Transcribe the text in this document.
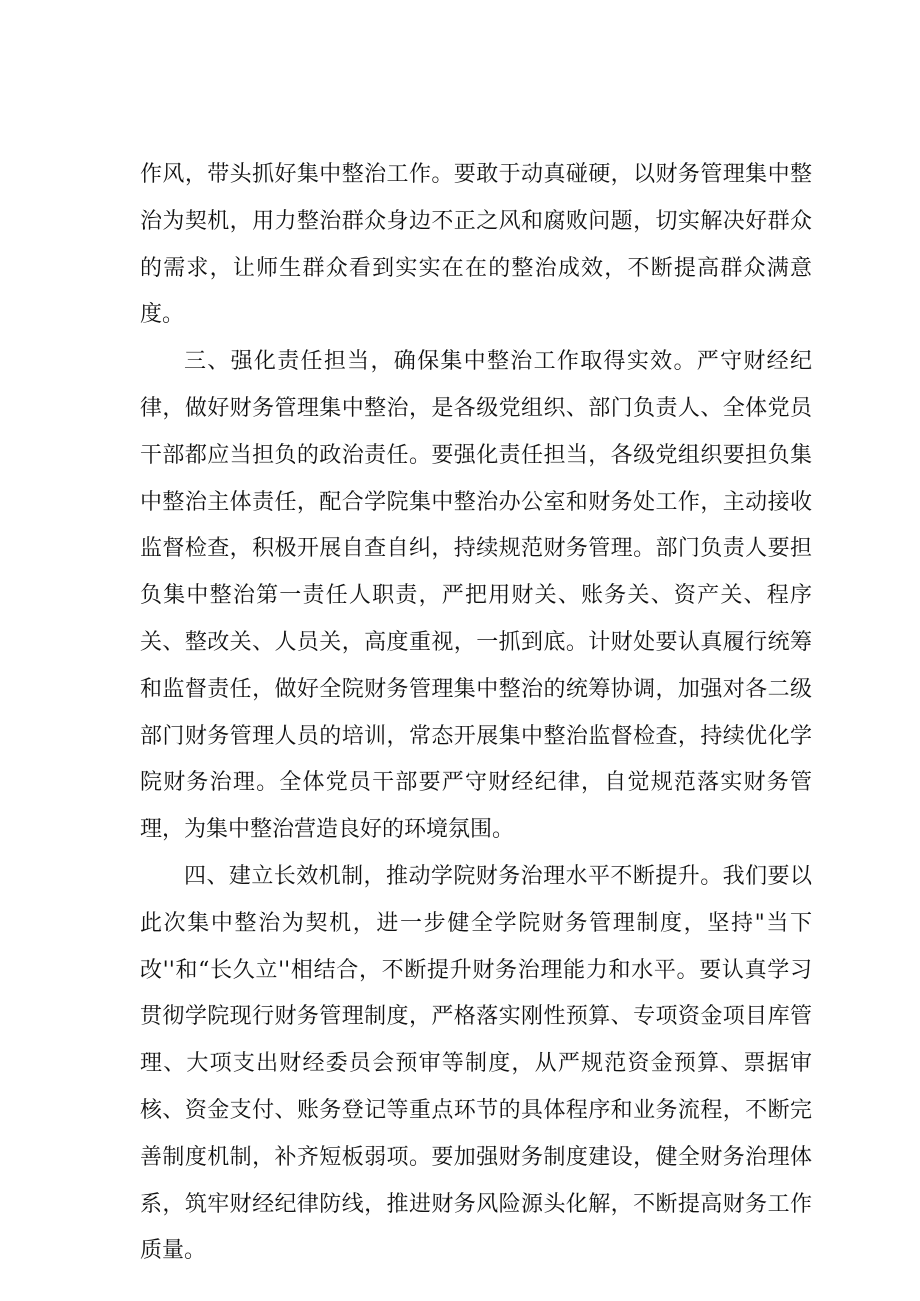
作风，带头抓好集中整治工作。要敢于动真碰硬，以财务管理集中整治为契机，用力整治群众身边不正之风和腐败问题，切实解决好群众的需求，让师生群众看到实实在在的整治成效，不断提高群众满意度。

三、强化责任担当，确保集中整治工作取得实效。严守财经纪律，做好财务管理集中整治，是各级党组织、部门负责人、全体党员干部都应当担负的政治责任。要强化责任担当，各级党组织要担负集中整治主体责任，配合学院集中整治办公室和财务处工作，主动接收监督检查，积极开展自查自纠，持续规范财务管理。部门负责人要担负集中整治第一责任人职责，严把用财关、账务关、资产关、程序关、整改关、人员关，高度重视，一抓到底。计财处要认真履行统筹和监督责任，做好全院财务管理集中整治的统筹协调，加强对各二级部门财务管理人员的培训，常态开展集中整治监督检查，持续优化学院财务治理。全体党员干部要严守财经纪律，自觉规范落实财务管理，为集中整治营造良好的环境氛围。

四、建立长效机制，推动学院财务治理水平不断提升。我们要以此次集中整治为契机，进一步健全学院财务管理制度，坚持"当下改''和“长久立''相结合，不断提升财务治理能力和水平。要认真学习贯彻学院现行财务管理制度，严格落实刚性预算、专项资金项目库管理、大项支出财经委员会预审等制度，从严规范资金预算、票据审核、资金支付、账务登记等重点环节的具体程序和业务流程，不断完善制度机制，补齐短板弱项。要加强财务制度建设，健全财务治理体系，筑牢财经纪律防线，推进财务风险源头化解，不断提高财务工作质量。
